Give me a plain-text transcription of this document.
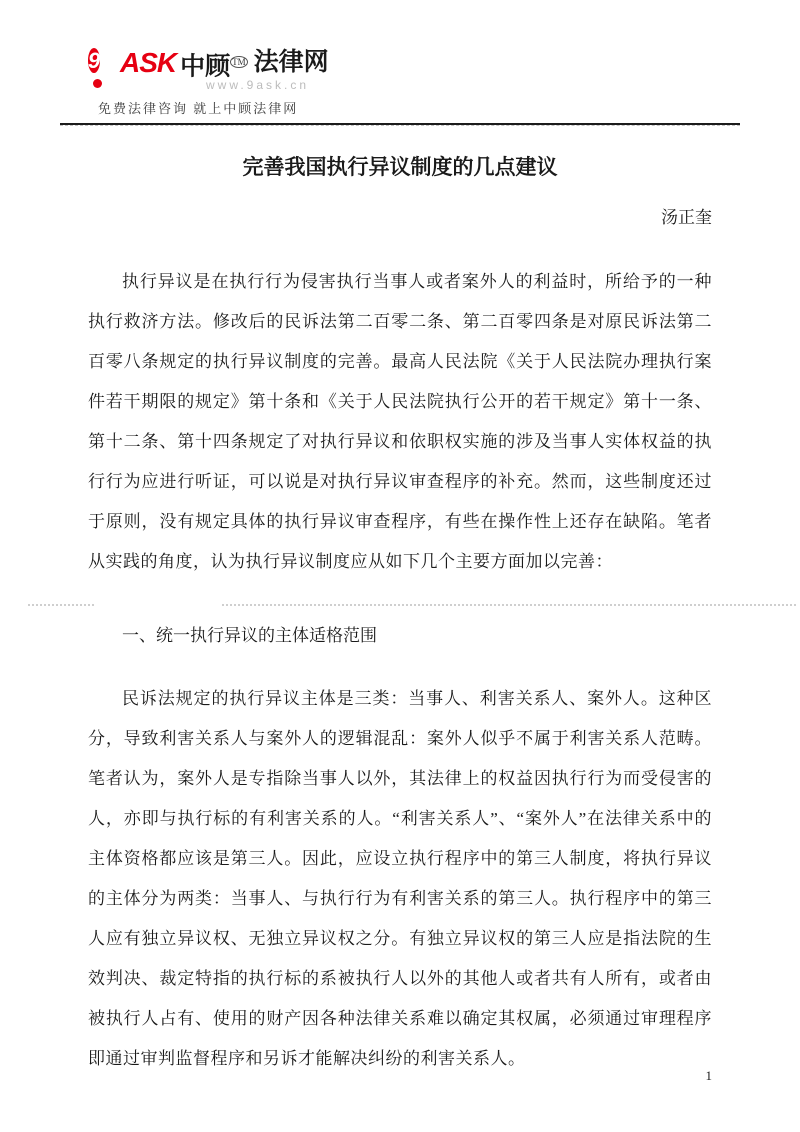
9 ASK 中顾 ™ 法律网
www.9ask.cn
免费法律咨询 就上中顾法律网
完善我国执行异议制度的几点建议
汤正奎

执行异议是在执行行为侵害执行当事人或者案外人的利益时，所给予的一种执行救济方法。修改后的民诉法第二百零二条、第二百零四条是对原民诉法第二百零八条规定的执行异议制度的完善。最高人民法院《关于人民法院办理执行案件若干期限的规定》第十条和《关于人民法院执行公开的若干规定》第十一条、第十二条、第十四条规定了对执行异议和依职权实施的涉及当事人实体权益的执行行为应进行听证，可以说是对执行异议审查程序的补充。然而，这些制度还过于原则，没有规定具体的执行异议审查程序，有些在操作性上还存在缺陷。笔者从实践的角度，认为执行异议制度应从如下几个主要方面加以完善：

一、统一执行异议的主体适格范围

民诉法规定的执行异议主体是三类：当事人、利害关系人、案外人。这种区分，导致利害关系人与案外人的逻辑混乱：案外人似乎不属于利害关系人范畴。笔者认为，案外人是专指除当事人以外，其法律上的权益因执行行为而受侵害的人，亦即与执行标的有利害关系的人。“利害关系人”、“案外人”在法律关系中的主体资格都应该是第三人。因此，应设立执行程序中的第三人制度，将执行异议的主体分为两类：当事人、与执行行为有利害关系的第三人。执行程序中的第三人应有独立异议权、无独立异议权之分。有独立异议权的第三人应是指法院的生效判决、裁定特指的执行标的系被执行人以外的其他人或者共有人所有，或者由被执行人占有、使用的财产因各种法律关系难以确定其权属，必须通过审理程序即通过审判监督程序和另诉才能解决纠纷的利害关系人。

1
